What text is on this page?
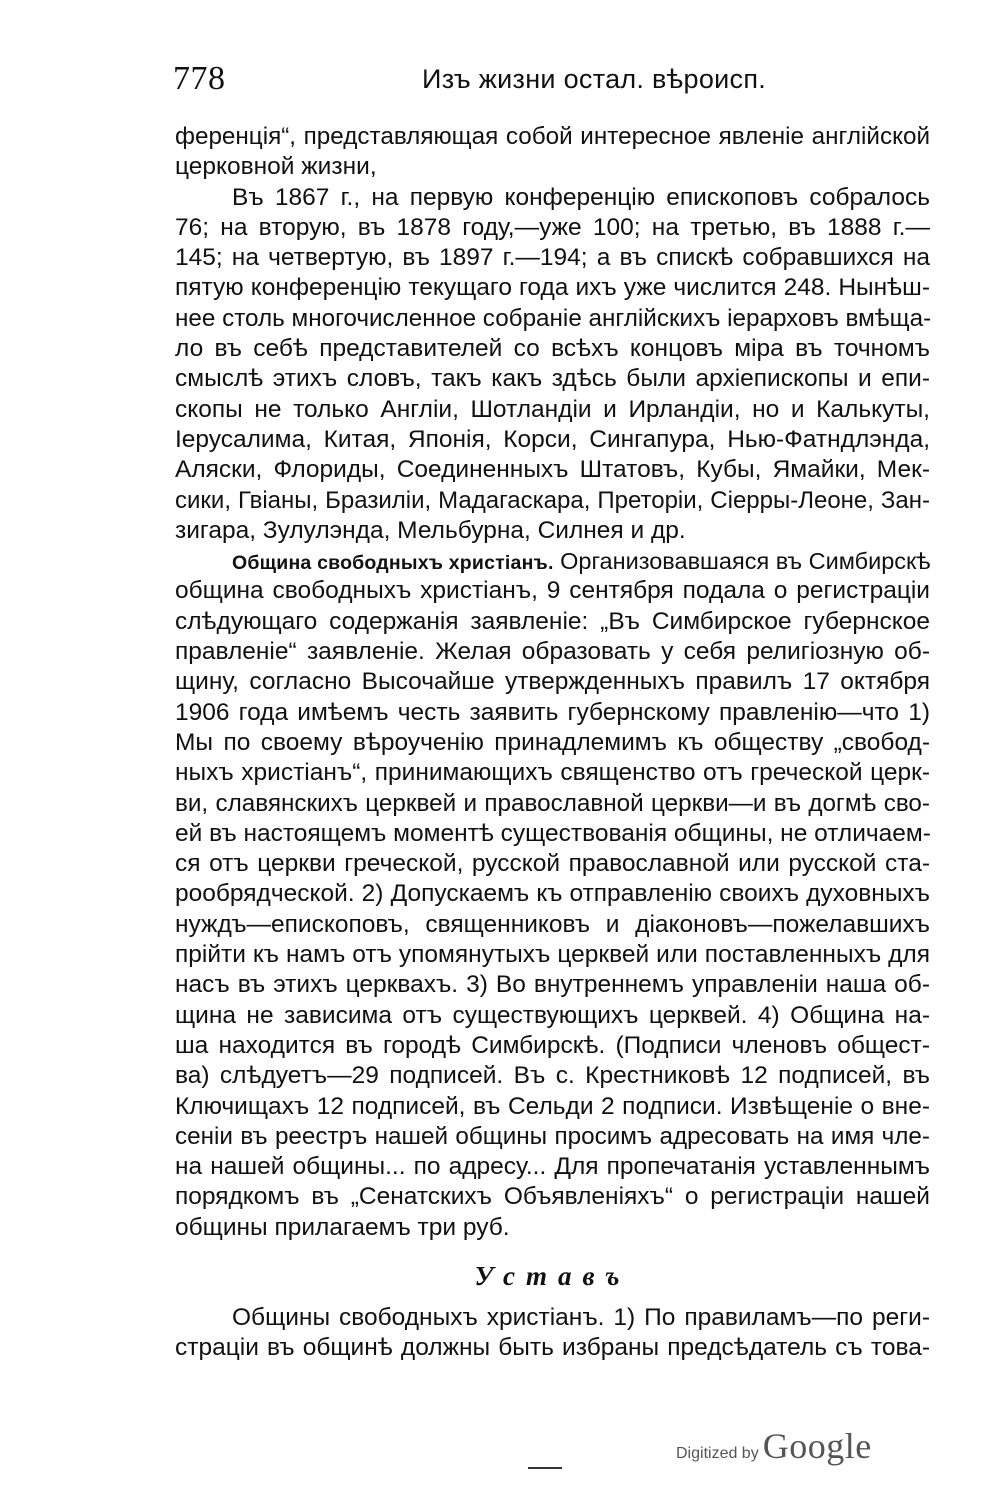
778	Изъ жизни остал. вѣроисп.
ференція“, представляющая собой интересное явленіе англійской
церковной жизни,
Въ 1867 г., на первую конференцію епископовъ собралось
76; на вторую, въ 1878 году,—уже 100; на третью, въ 1888 г.—
145; на четвертую, въ 1897 г.—194; а въ спискѣ собравшихся на
пятую конференцію текущаго года ихъ уже числится 248. Нынѣш-
нее столь многочисленное собраніе англійскихъ іерарховъ вмѣща-
ло въ себѣ представителей со всѣхъ концовъ міра въ точномъ
смыслѣ этихъ словъ, такъ какъ здѣсь были архіепископы и епи-
скопы не только Англіи, Шотландіи и Ирландіи, но и Калькуты,
Іерусалима, Китая, Японія, Корси, Сингапура, Нью-Фатндлэнда,
Аляски, Флориды, Соединенныхъ Штатовъ, Кубы, Ямайки, Мек-
сики, Гвіаны, Бразиліи, Мадагаскара, Преторіи, Сіерры-Леоне, Зан-
зигара, Зулулэнда, Мельбурна, Силнея и др.
Община свободныхъ христіанъ. Организовавшаяся въ Симбирскѣ
община свободныхъ христіанъ, 9 сентября подала о регистраціи
слѣдующаго содержанія заявленіе: „Въ Симбирское губернское
правленіе“ заявленіе. Желая образовать у себя религіозную об-
щину, согласно Высочайше утвержденныхъ правилъ 17 октября
1906 года имѣемъ честь заявить губернскому правленію—что 1)
Мы по своему вѣроученію принадлемимъ къ обществу „свобод-
ныхъ христіанъ“, принимающихъ священство отъ греческой церк-
ви, славянскихъ церквей и православной церкви—и въ догмѣ сво-
ей въ настоящемъ моментѣ существованія общины, не отличаем-
ся отъ церкви греческой, русской православной или русской ста-
рообрядческой. 2) Допускаемъ къ отправленію своихъ духовныхъ
нуждъ—епископовъ, священниковъ и діаконовъ—пожелавшихъ
прійти къ намъ отъ упомянутыхъ церквей или поставленныхъ для
насъ въ этихъ церквахъ. 3) Во внутреннемъ управленіи наша об-
щина не зависима отъ существующихъ церквей. 4) Община на-
ша находится въ городѣ Симбирскѣ. (Подписи членовъ общест-
ва) слѣдуетъ—29 подписей. Въ с. Крестниковѣ 12 подписей, въ
Ключищахъ 12 подписей, въ Сельди 2 подписи. Извѣщеніе о вне-
сеніи въ реестръ нашей общины просимъ адресовать на имя чле-
на нашей общины... по адресу... Для пропечатанія уставленнымъ
порядкомъ въ „Сенатскихъ Объявленіяхъ“ о регистраціи нашей
общины прилагаемъ три руб.
Уставъ
Общины свободныхъ христіанъ. 1) По правиламъ—по реги-
страціи въ общинѣ должны быть избраны предсѣдатель съ това-
Digitized by Google
